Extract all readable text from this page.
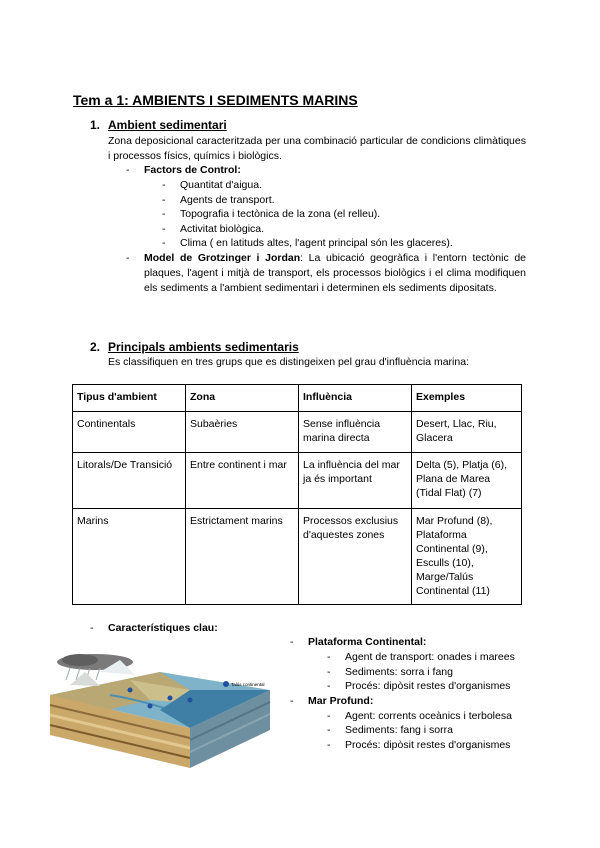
Tem a 1: AMBIENTS I SEDIMENTS MARINS
1. Ambient sedimentari
Zona deposicional caracteritzada per una combinació particular de condicions climàtiques i processos físics, químics i biològics.
- Factors de Control:
- Quantitat d'aigua.
- Agents de transport.
- Topografia i tectònica de la zona (el relleu).
- Activitat biològica.
- Clima ( en latituds altes, l'agent principal són les glaceres).
- Model de Grotzinger i Jordan: La ubicació geogràfica i l'entorn tectònic de plaques, l'agent i mitjà de transport, els processos biològics i el clima modifiquen els sediments a l'ambient sedimentari i determinen els sediments dipositats.
2. Principals ambients sedimentaris
Es classifiquen en tres grups que es distingeixen pel grau d'influència marina:
Tipus d'ambient	Zona	Influència	Exemples
Continentals	Subaèries	Sense influència marina directa	Desert, Llac, Riu, Glacera
Litorals/De Transició	Entre continent i mar	La influència del mar ja és important	Delta (5), Platja (6), Plana de Marea (Tidal Flat) (7)
Marins	Estrictament marins	Processos exclusius d'aquestes zones	Mar Profund (8), Plataforma Continental (9), Esculls (10), Marge/Talús Continental (11)
- Característiques clau:
- Plataforma Continental:
- Agent de transport: onades i marees
- Sediments: sorra i fang
- Procés: dipòsit restes d'organismes
- Mar Profund:
- Agent: corrents oceànics i terbolesa
- Sediments: fang i sorra
- Procés: dipòsit restes d'organismes
Talús continental
